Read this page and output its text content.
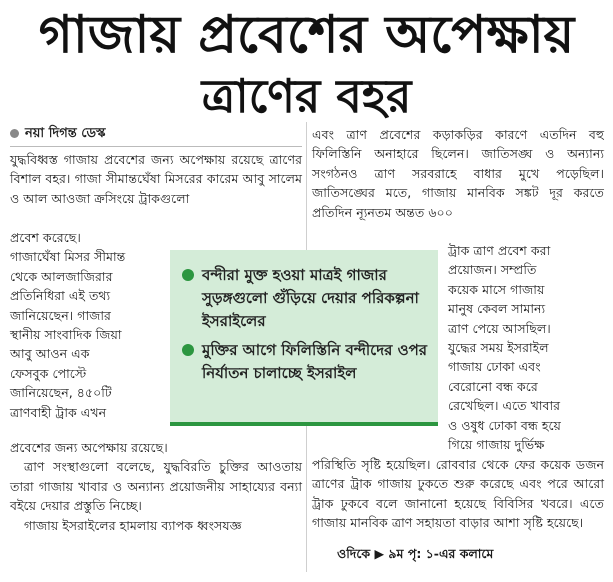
গাজায় প্রবেশের অপেক্ষায়
ত্রাণের বহর
নয়া দিগন্ত ডেস্ক
যুদ্ধবিধ্বস্ত গাজায় প্রবেশের জন্য অপেক্ষায় রয়েছে ত্রাণের বিশাল বহর। গাজা সীমান্তঘেঁষা মিসরের কারেম আবু সালেম ও আল আওজা ক্রসিংয়ে ট্রাকগুলো
প্রবেশ করেছে।
গাজাঘেঁষা মিসর সীমান্ত
থেকে আলজাজিরার
প্রতিনিধিরা এই তথ্য
জানিয়েছেন। গাজার
স্থানীয় সাংবাদিক জিয়া
আবু আওন এক
ফেসবুক পোস্টে
জানিয়েছেন, ৪৫০টি
ত্রাণবাহী ট্রাক এখন

প্রবেশের জন্য অপেক্ষায় রয়েছে।

ত্রাণ সংস্থাগুলো বলেছে, যুদ্ধবিরতি চুক্তির আওতায় তারা গাজায় খাবার ও অন্যান্য প্রয়োজনীয় সাহায্যের বন্যা বইয়ে দেয়ার প্রস্তুতি নিচ্ছে।

গাজায় ইসরাইলের হামলায় ব্যাপক ধ্বংসযজ্ঞ

এবং ত্রাণ প্রবেশের কড়াকড়ির কারণে এতদিন বহু ফিলিস্তিনি অনাহারে ছিলেন। জাতিসঙ্ঘ ও অন্যান্য সংগঠনও ত্রাণ সরবরাহে বাধার মুখে পড়েছিল। জাতিসঙ্ঘের মতে, গাজায় মানবিক সঙ্কট দূর করতে প্রতিদিন ন্যূনতম অন্তত ৬০০
ট্রাক ত্রাণ প্রবেশ করা
প্রয়োজন। সম্প্রতি
কয়েক মাসে গাজায়
মানুষ কেবল সামান্য
ত্রাণ পেয়ে আসছিল।
যুদ্ধের সময় ইসরাইল
গাজায় ঢোকা এবং
বেরোনো বন্ধ করে
রেখেছিল। এতে খাবার
ও ওষুধ ঢোকা বন্ধ হয়ে
গিয়ে গাজায় দুর্ভিক্ষ
পরিস্থিতি সৃষ্টি হয়েছিল। রোববার থেকে ফের কয়েক ডজন ত্রাণের ট্রাক গাজায় ঢুকতে শুরু করেছে এবং পরে আরো ট্রাক ঢুকবে বলে জানানো হয়েছে বিবিসির খবরে। এতে গাজায় মানবিক ত্রাণ সহায়তা বাড়ার আশা সৃষ্টি হয়েছে।
ওদিকে ▶ ৯ম পৃ: ১-এর কলামে
বন্দীরা মুক্ত হওয়া মাত্রই গাজার সুড়ঙ্গগুলো গুঁড়িয়ে দেয়ার পরিকল্পনা ইসরাইলের
মুক্তির আগে ফিলিস্তিনি বন্দীদের ওপর নির্যাতন চালাচ্ছে ইসরাইল
